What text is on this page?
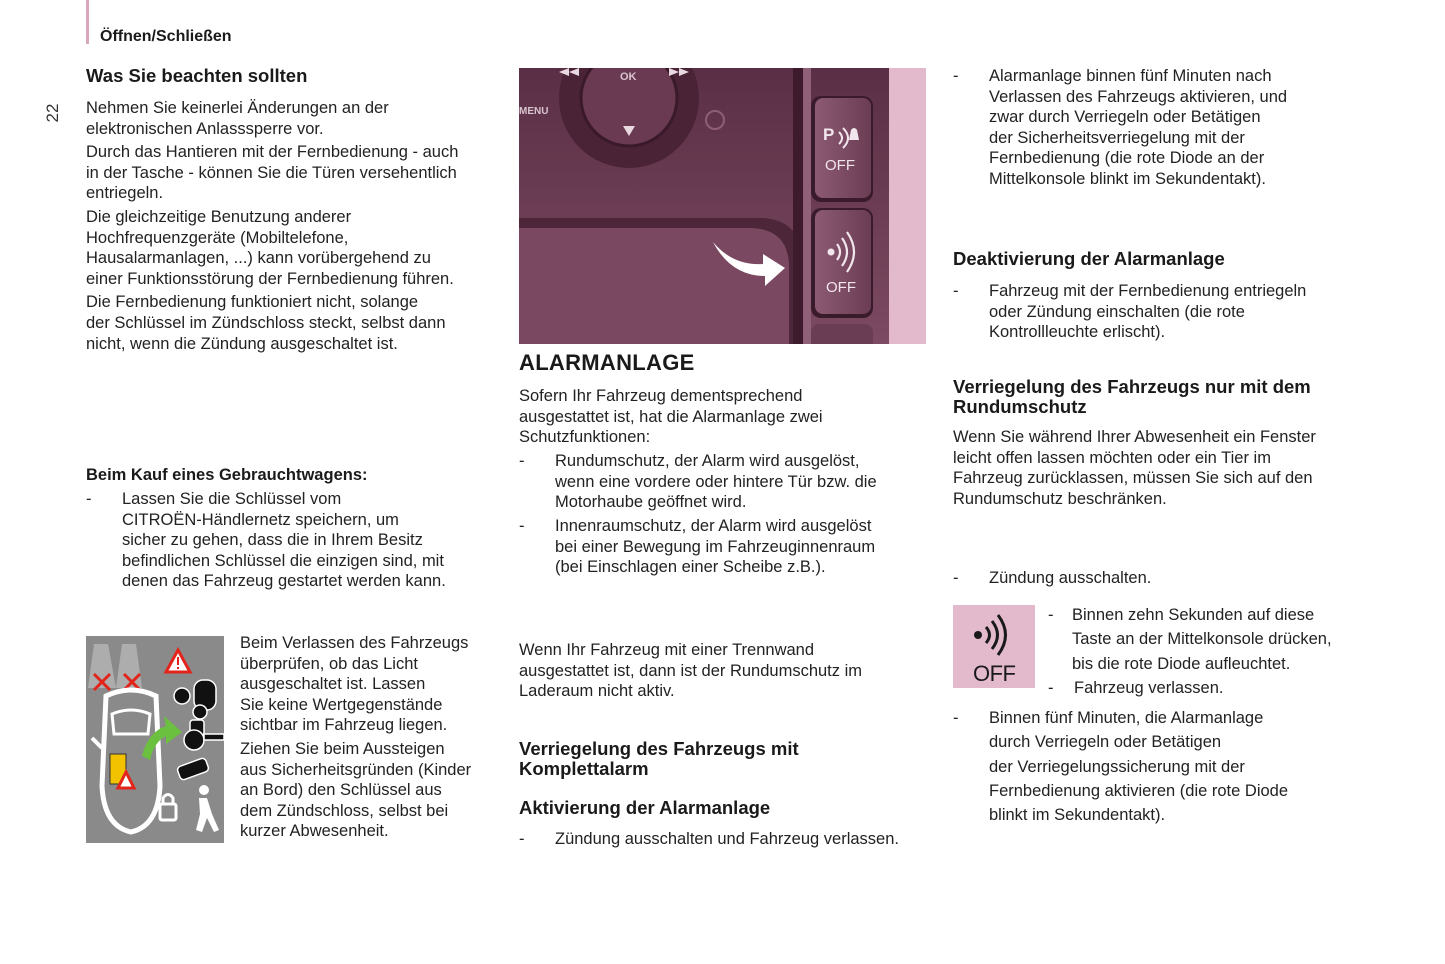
Öffnen/Schließen
22
Was Sie beachten sollten

Nehmen Sie keinerlei Änderungen an der
elektronischen Anlasssperre vor.

Durch das Hantieren mit der Fernbedienung - auch
in der Tasche - können Sie die Türen versehentlich
entriegeln.

Die gleichzeitige Benutzung anderer
Hochfrequenzgeräte (Mobiltelefone,
Hausalarmanlagen, ...) kann vorübergehend zu
einer Funktionsstörung der Fernbedienung führen.

Die Fernbedienung funktioniert nicht, solange
der Schlüssel im Zündschloss steckt, selbst dann
nicht, wenn die Zündung ausgeschaltet ist.

Beim Kauf eines Gebrauchtwagens:
- Lassen Sie die Schlüssel vom
CITROËN-Händlernetz speichern, um
sicher zu gehen, dass die in Ihrem Besitz
befindlichen Schlüssel die einzigen sind, mit
denen das Fahrzeug gestartet werden kann.

Beim Verlassen des Fahrzeugs
überprüfen, ob das Licht
ausgeschaltet ist. Lassen
Sie keine Wertgegenstände
sichtbar im Fahrzeug liegen.

Ziehen Sie beim Aussteigen
aus Sicherheitsgründen (Kinder
an Bord) den Schlüssel aus
dem Zündschloss, selbst bei
kurzer Abwesenheit.

OK
MENU
P
OFF
OFF
ALARMANLAGE

Sofern Ihr Fahrzeug dementsprechend
ausgestattet ist, hat die Alarmanlage zwei
Schutzfunktionen:

- Rundumschutz, der Alarm wird ausgelöst,
wenn eine vordere oder hintere Tür bzw. die
Motorhaube geöffnet wird.
- Innenraumschutz, der Alarm wird ausgelöst
bei einer Bewegung im Fahrzeuginnenraum
(bei Einschlagen einer Scheibe z.B.).

Wenn Ihr Fahrzeug mit einer Trennwand
ausgestattet ist, dann ist der Rundumschutz im
Laderaum nicht aktiv.

Verriegelung des Fahrzeugs mit
Komplettalarm
Aktivierung der Alarmanlage
- Zündung ausschalten und Fahrzeug verlassen.
- Alarmanlage binnen fünf Minuten nach
Verlassen des Fahrzeugs aktivieren, und
zwar durch Verriegeln oder Betätigen
der Sicherheitsverriegelung mit der
Fernbedienung (die rote Diode an der
Mittelkonsole blinkt im Sekundentakt).
Deaktivierung der Alarmanlage
- Fahrzeug mit der Fernbedienung entriegeln
oder Zündung einschalten (die rote
Kontrollleuchte erlischt).
Verriegelung des Fahrzeugs nur mit dem
Rundumschutz

Wenn Sie während Ihrer Abwesenheit ein Fenster
leicht offen lassen möchten oder ein Tier im
Fahrzeug zurücklassen, müssen Sie sich auf den
Rundumschutz beschränken.

- Zündung ausschalten.
OFF
- Binnen zehn Sekunden auf diese
Taste an der Mittelkonsole drücken,
bis die rote Diode aufleuchtet.
- Fahrzeug verlassen.
- Binnen fünf Minuten, die Alarmanlage
durch Verriegeln oder Betätigen
der Verriegelungssicherung mit der
Fernbedienung aktivieren (die rote Diode
blinkt im Sekundentakt).
